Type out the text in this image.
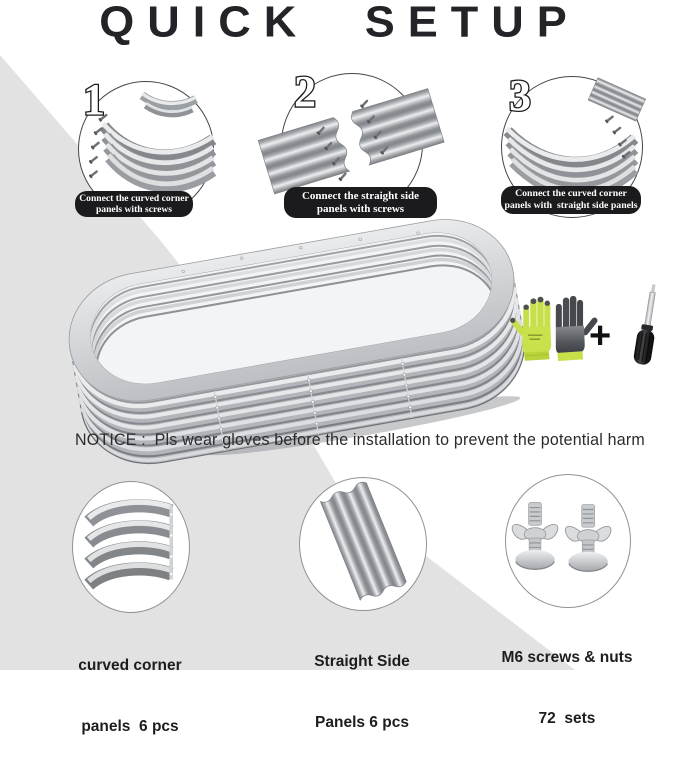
QUICK SETUP
1
Connect the curved corner
panels with screws
2
Connect the straight side
panels with screws
3
Connect the curved corner
panels with  straight side panels
+
NOTICE : Pls wear gloves before the installation to prevent the potential harm

curved corner

panels  6 pcs

Straight Side

Panels 6 pcs

M6 screws & nuts

72  sets
